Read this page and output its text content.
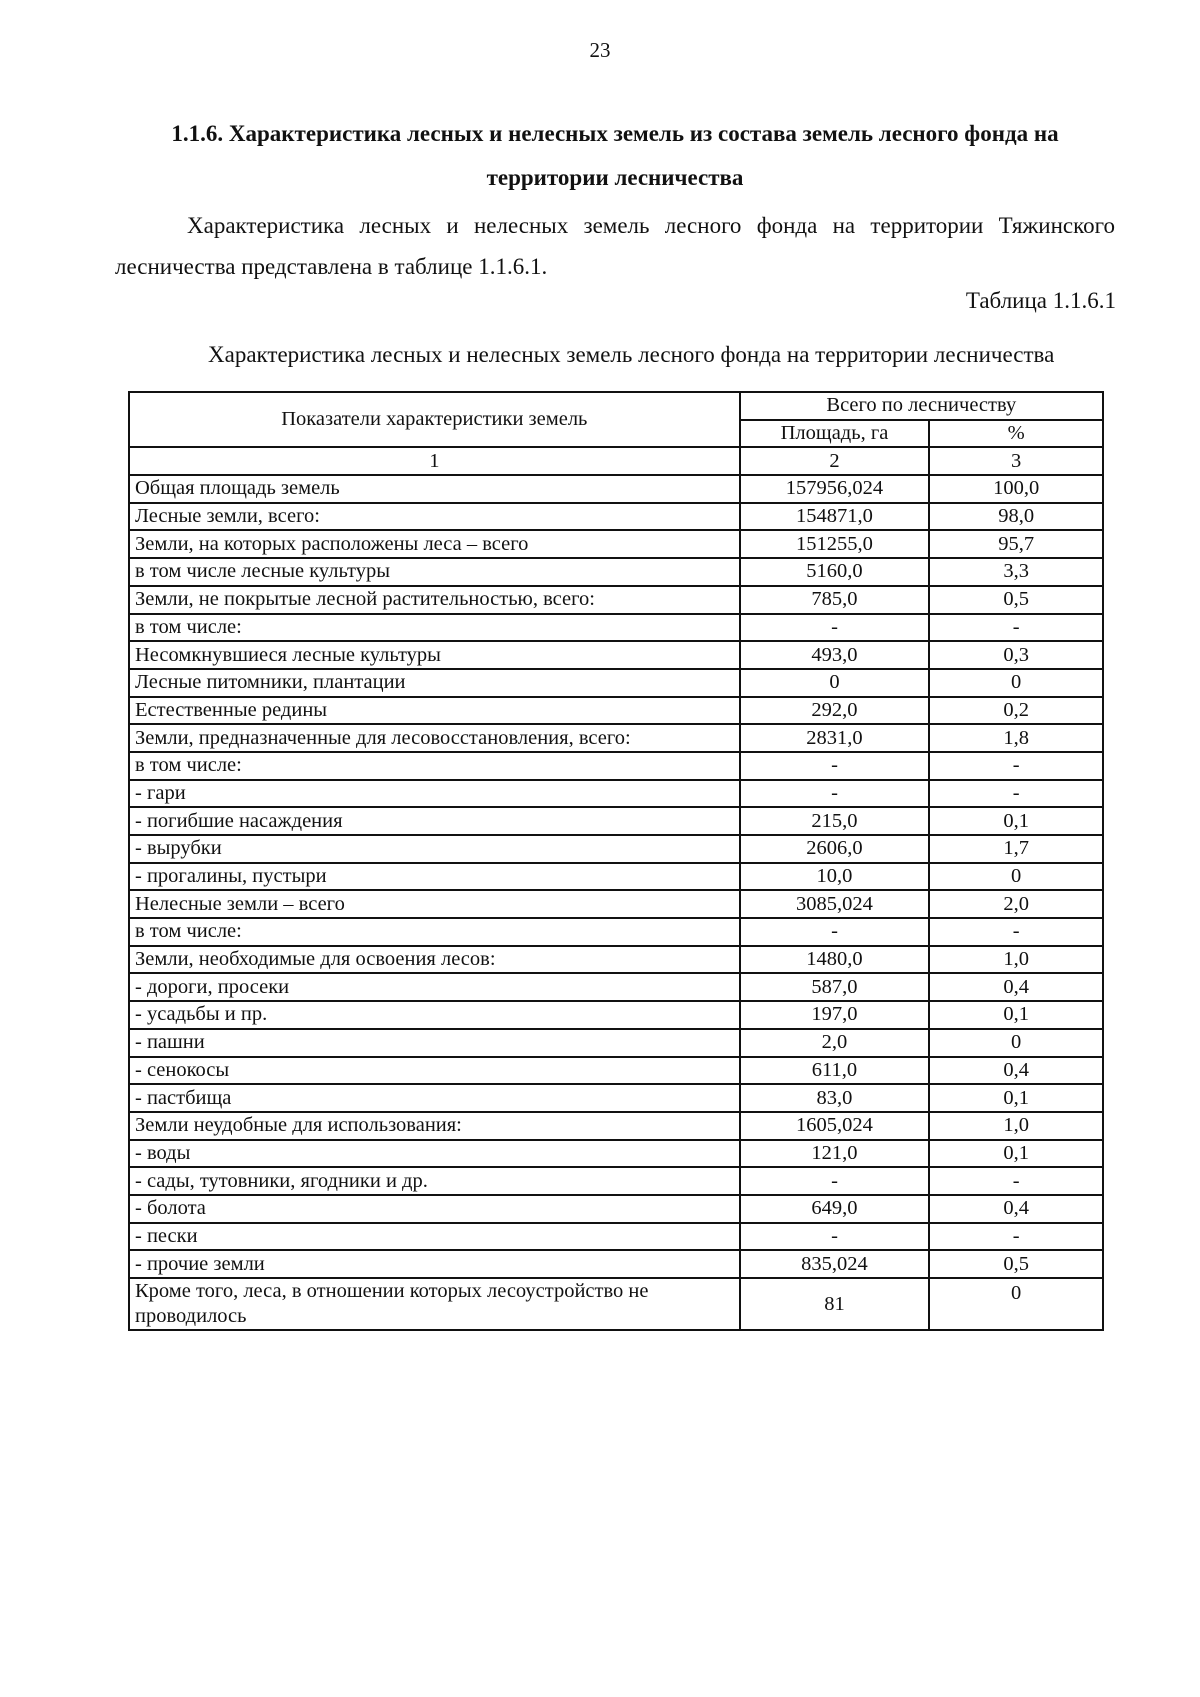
23
1.1.6. Характеристика лесных и нелесных земель из состава земель лесного фонда на территории лесничества
Характеристика лесных и нелесных земель лесного фонда на территории Тяжинского лесничества представлена в таблице 1.1.6.1.
Таблица 1.1.6.1
Характеристика лесных и нелесных земель лесного фонда на территории лесничества
Показатели характеристики земель	Всего по лесничеству	
	Площадь, га	%
1	2	3
Общая площадь земель	157956,024	100,0
Лесные земли, всего:	154871,0	98,0
Земли, на которых расположены леса – всего	151255,0	95,7
в том числе лесные культуры	5160,0	3,3
Земли, не покрытые лесной растительностью, всего:	785,0	0,5
в том числе:	-	-
Несомкнувшиеся лесные культуры	493,0	0,3
Лесные питомники, плантации	0	0
Естественные редины	292,0	0,2
Земли, предназначенные для лесовосстановления, всего:	2831,0	1,8
в том числе:	-	-
- гари	-	-
- погибшие насаждения	215,0	0,1
- вырубки	2606,0	1,7
- прогалины, пустыри	10,0	0
Нелесные земли – всего	3085,024	2,0
в том числе:	-	-
Земли, необходимые для освоения лесов:	1480,0	1,0
- дороги, просеки	587,0	0,4
- усадьбы и пр.	197,0	0,1
- пашни	2,0	0
- сенокосы	611,0	0,4
- пастбища	83,0	0,1
Земли неудобные для использования:	1605,024	1,0
- воды	121,0	0,1
- сады, тутовники, ягодники и др.	-	-
- болота	649,0	0,4
- пески	-	-
- прочие земли	835,024	0,5
Кроме того, леса, в отношении которых лесоустройство не проводилось	81	0
